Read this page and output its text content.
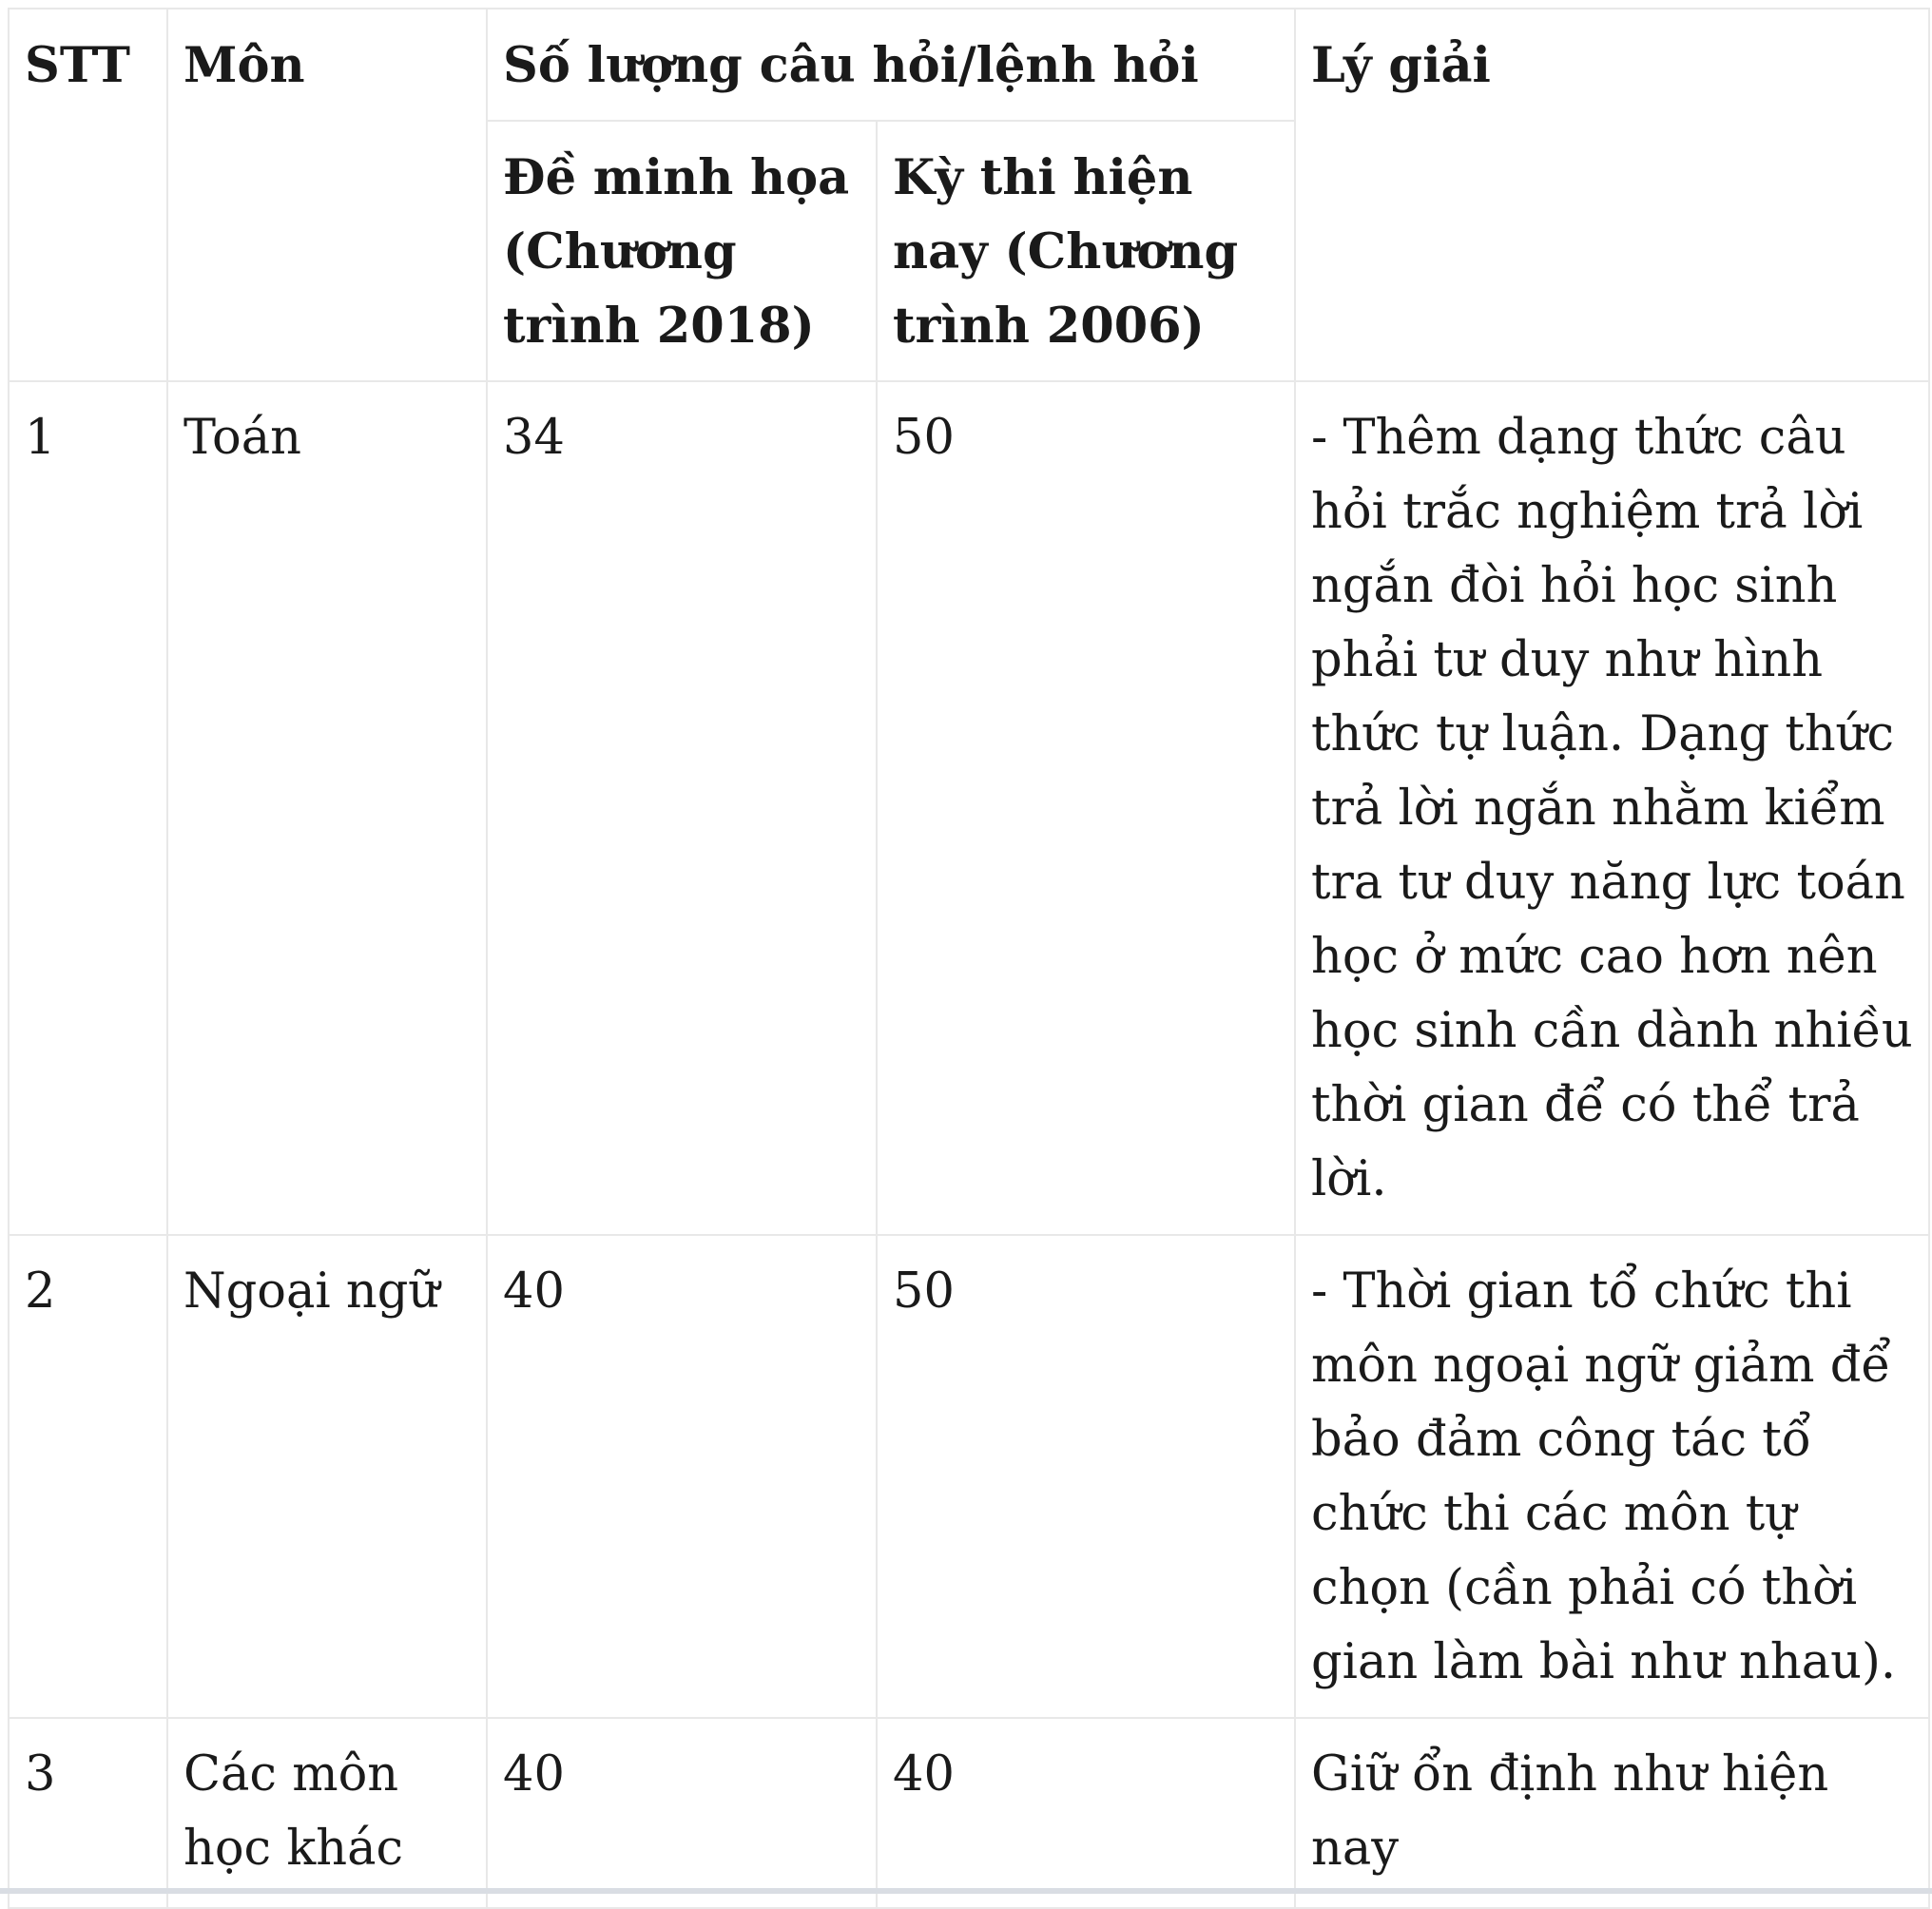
STT	Môn	Số lượng câu hỏi/lệnh hỏi		Lý giải
		Đề minh họa (Chương trình 2018)	Kỳ thi hiện nay (Chương trình 2006)	
1	Toán	34	50	- Thêm dạng thức câu hỏi trắc nghiệm trả lời ngắn đòi hỏi học sinh phải tư duy như hình thức tự luận. Dạng thức trả lời ngắn nhằm kiểm tra tư duy năng lực toán học ở mức cao hơn nên học sinh cần dành nhiều thời gian để có thể trả lời.
2	Ngoại ngữ	40	50	- Thời gian tổ chức thi môn ngoại ngữ giảm để bảo đảm công tác tổ chức thi các môn tự chọn (cần phải có thời gian làm bài như nhau).
3	Các môn học khác	40	40	Giữ ổn định như hiện nay
